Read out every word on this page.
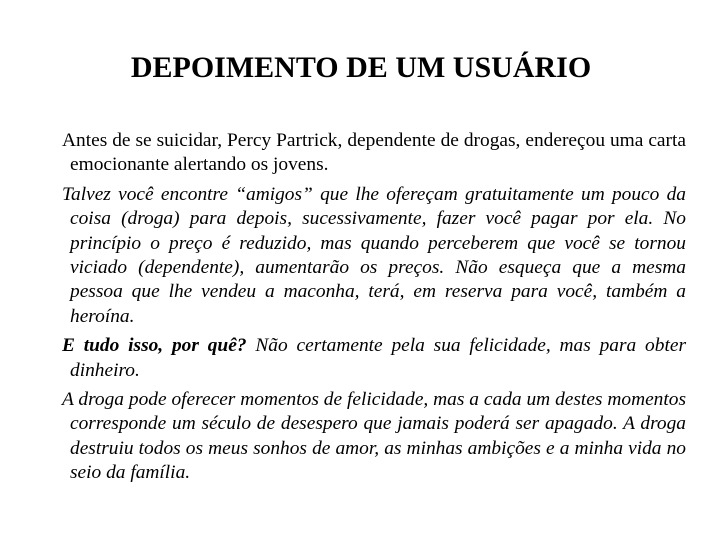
DEPOIMENTO DE UM USUÁRIO

Antes de se suicidar, Percy Partrick, dependente de drogas, endereçou uma carta emocionante alertando os jovens.

Talvez você encontre “amigos” que lhe ofereçam gratuitamente um pouco da coisa (droga) para depois, sucessivamente, fazer você pagar por ela. No princípio o preço é reduzido, mas quando perceberem que você se tornou viciado (dependente), aumentarão os preços. Não esqueça que a mesma pessoa que lhe vendeu a maconha, terá, em reserva para você, também a heroína.

E tudo isso, por quê? Não certamente pela sua felicidade, mas para obter dinheiro.

A droga pode oferecer momentos de felicidade, mas a cada um destes momentos corresponde um século de desespero que jamais poderá ser apagado. A droga destruiu todos os meus sonhos de amor, as minhas ambições e a minha vida no seio da família.
